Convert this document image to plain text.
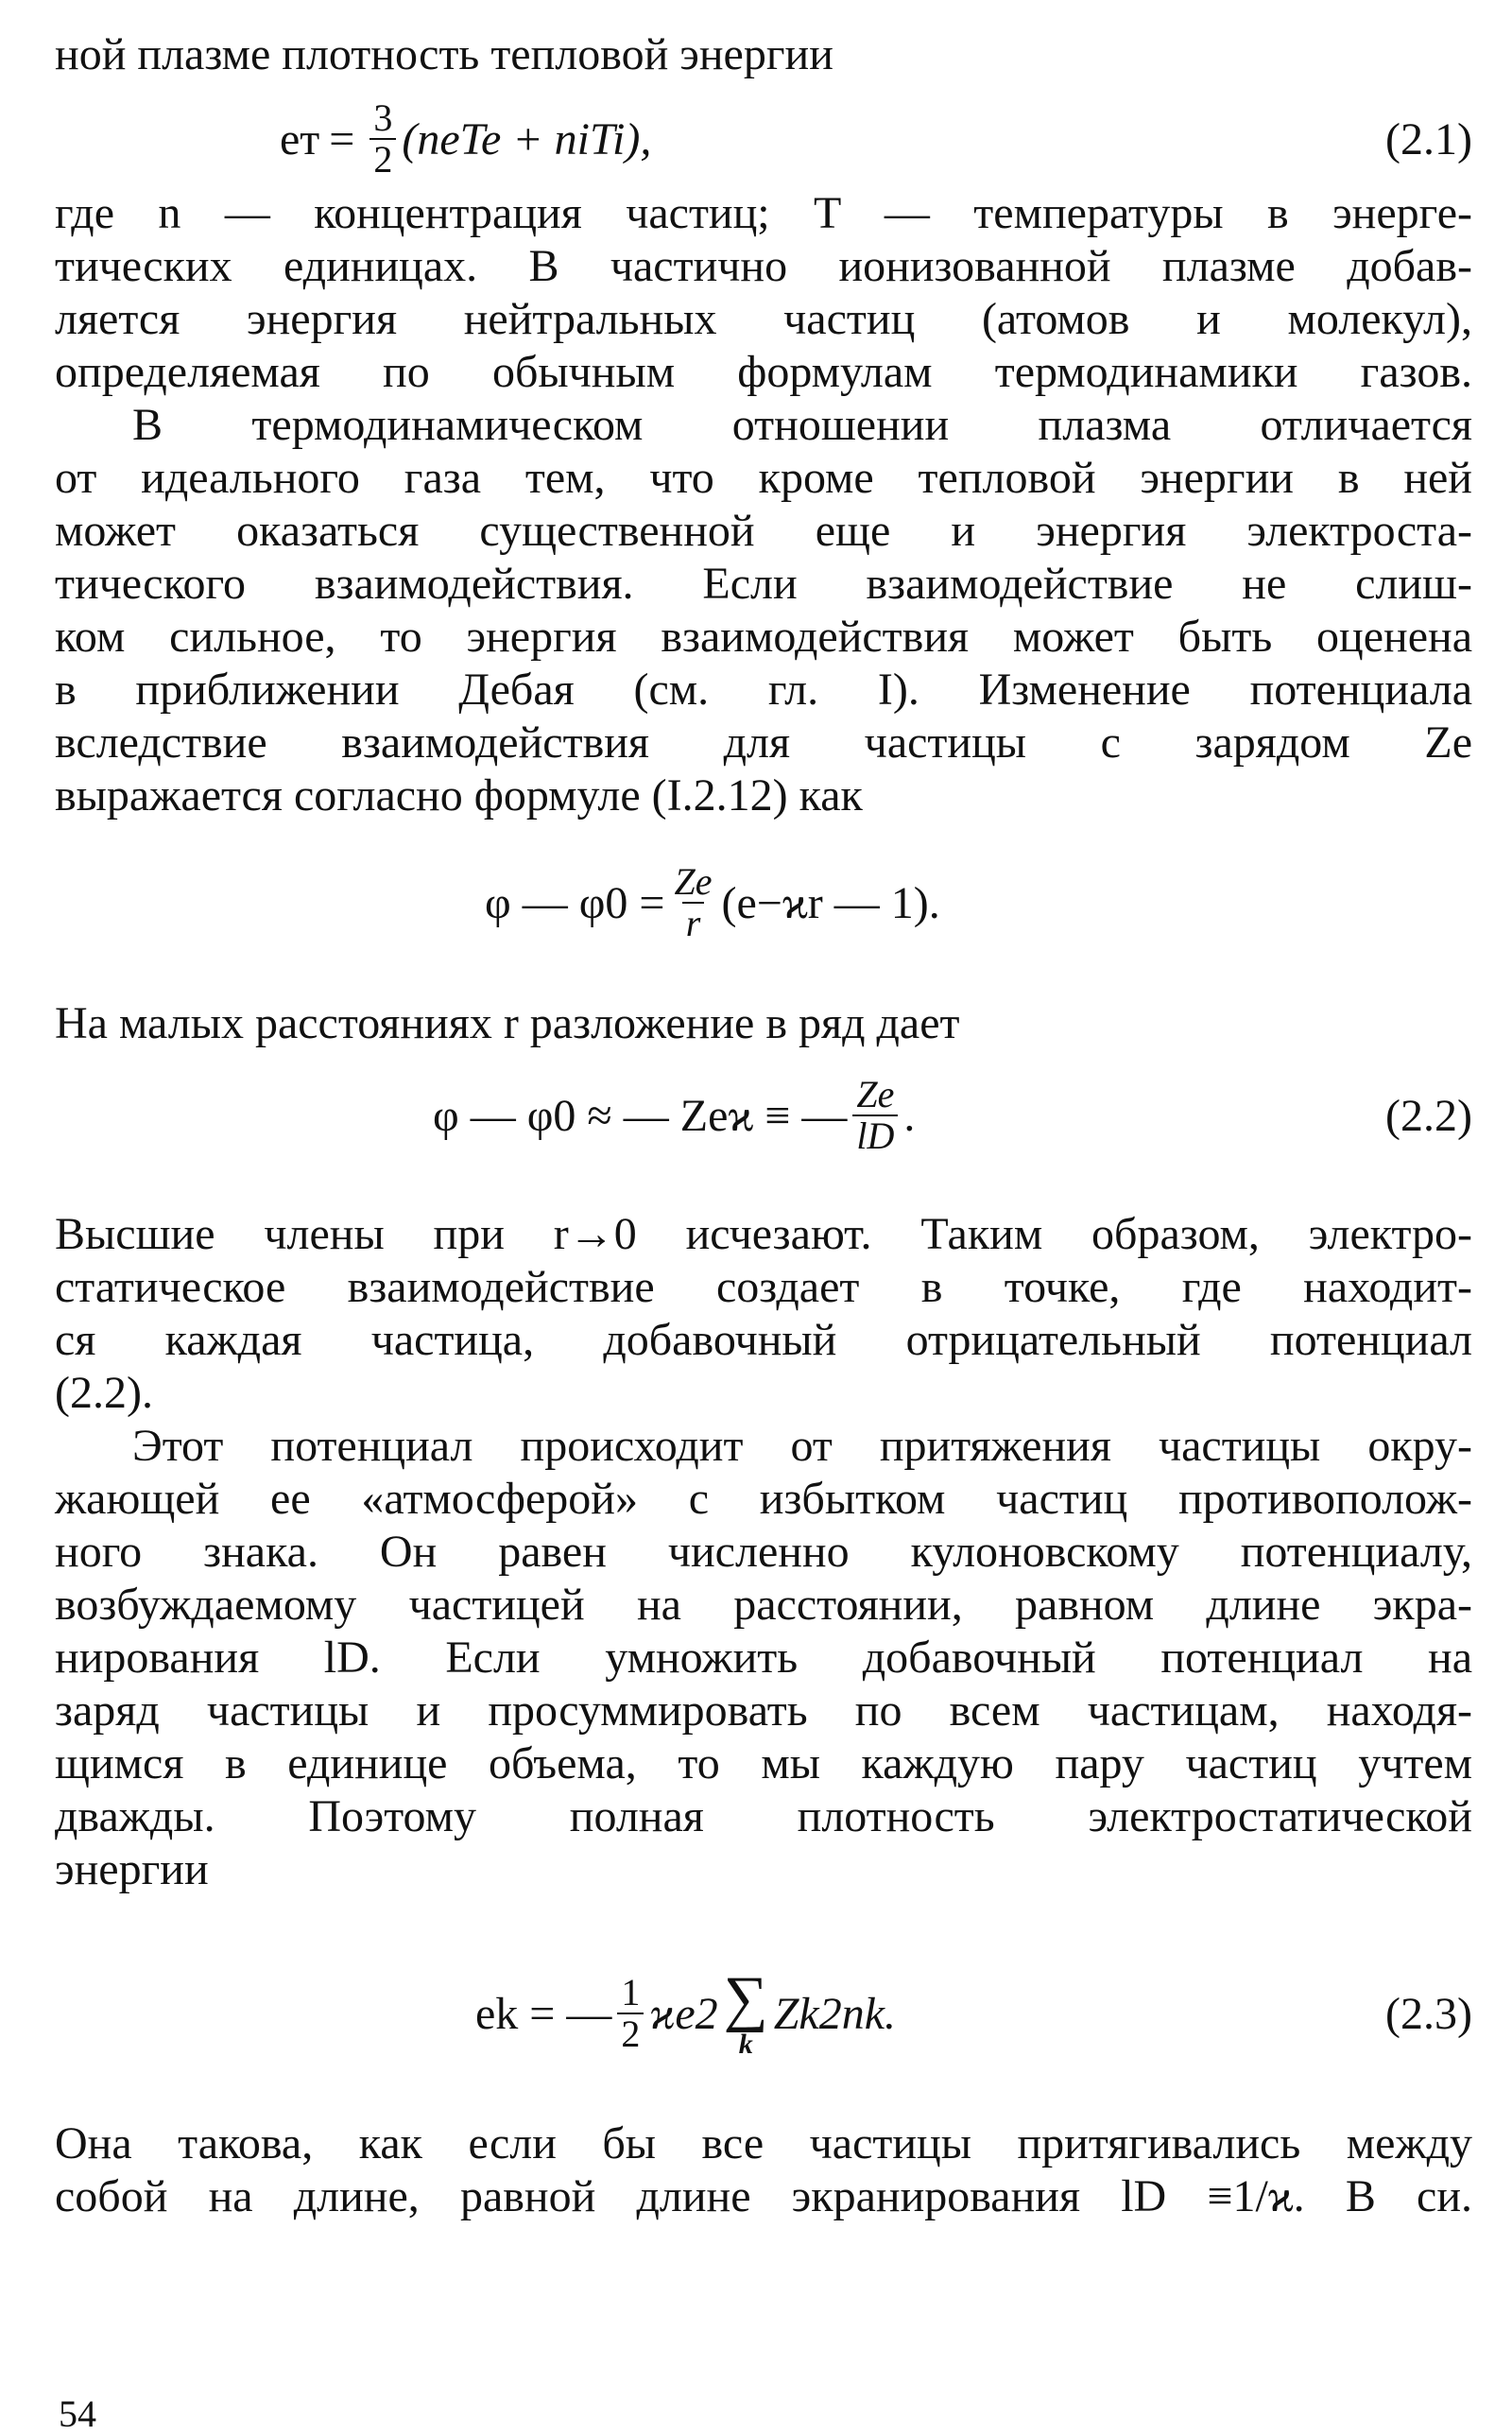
ной плазме плотность тепловой энергии
eт = $\frac{3}{2}$ (neTe + niTi),	(2.1)
где n — концентрация частиц; T — температуры в энерге-
тических единицах. В частично ионизованной плазме добав-
ляется энергия нейтральных частиц (атомов и молекул),
определяемая по обычным формулам термодинамики газов.
В термодинамическом отношении плазма отличается
от идеального газа тем, что кроме тепловой энергии в ней
может оказаться существенной еще и энергия электроста-
тического взаимодействия. Если взаимодействие не слиш-
ком сильное, то энергия взаимодействия может быть оценена
в приближении Дебая (см. гл. I). Изменение потенциала
вследствие взаимодействия для частицы с зарядом Ze
выражается согласно формуле (I.2.12) как
φ — $\varphi 0 = \frac{Ze}{r} (e-ϰr$ — 1).
На малых расстояниях r разложение в ряд дает
φ — φ0 ≈ — Zeϰ ≡ — $\frac{Ze}{lD}$ .	(2.2)
Высшие члены при r→0 исчезают. Таким образом, электро-
статическое взаимодействие создает в точке, где находит-
ся каждая частица, добавочный отрицательный потенциал
(2.2).
Этот потенциал происходит от притяжения частицы окру-
жающей ее «атмосферой» с избытком частиц противополож-
ного знака. Он равен численно кулоновскому потенциалу,
возбуждаемому частицей на расстоянии, равном длине экра-
нирования lD. Если умножить добавочный потенциал на
заряд частицы и просуммировать по всем частицам, находя-
щимся в единице объема, то мы каждую пару частиц учтем
дважды. Поэтому полная плотность электростатической
энергии
ek = — $\frac{1}{2} ϰe2$ ∑
k
Zk2nk.	(2.3)
Она такова, как если бы все частицы притягивались между
собой на длине, равной длине экранирования lD ≡1/ϰ. В си.
54
